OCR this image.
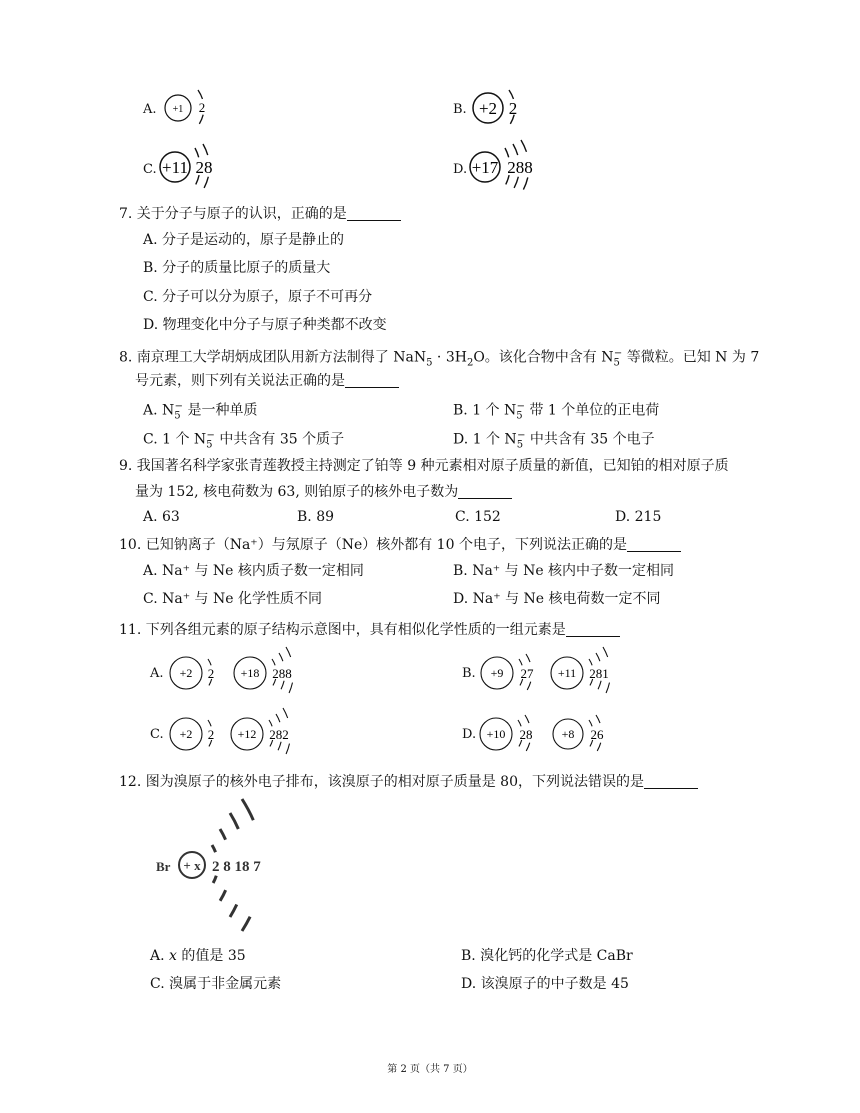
A. +1 2	B. +2 2
C. +11 28	D. +17 288
7. 关于分子与原子的认识，正确的是
A. 分子是运动的，原子是静止的
B. 分子的质量比原子的质量大
C. 分子可以分为原子，原子不可再分
D. 物理变化中分子与原子种类都不改变
8. 南京理工大学胡炳成团队用新方法制得了 $NaN_5 \cdot 3H_2O$。该化合物中含有 $N_5^-$ 等微粒。已知 N 为 7
号元素，则下列有关说法正确的是
A. $N_5^-$ 是一种单质	B. 1 个 $N_5^-$ 带 1 个单位的正电荷
C. 1 个 $N_5^-$ 中共含有 35 个质子	D. 1 个 $N_5^-$ 中共含有 35 个电子
9. 我国著名科学家张青莲教授主持测定了铂等 9 种元素相对原子质量的新值，已知铂的相对原子质
量为 152, 核电荷数为 63, 则铂原子的核外电子数为
A. 63	B. 89	C. 152	D. 215
10. 已知钠离子（Na⁺）与氖原子（Ne）核外都有 10 个电子，下列说法正确的是
A. Na⁺ 与 Ne 核内质子数一定相同	B. Na⁺ 与 Ne 核内中子数一定相同
C. Na⁺ 与 Ne 化学性质不同	D. Na⁺ 与 Ne 核电荷数一定不同
11. 下列各组元素的原子结构示意图中，具有相似化学性质的一组元素是
A. +2 2 +18 288	B. +9 27 +11 281
C. +2 2 +12 282	D. +10 28 +8 26
12. 图为溴原子的核外电子排布，该溴原子的相对原子质量是 80，下列说法错误的是
Br + x 2 8 18 7
A. x 的值是 35	B. 溴化钙的化学式是 CaBr
C. 溴属于非金属元素	D. 该溴原子的中子数是 45
第 2 页（共 7 页）
